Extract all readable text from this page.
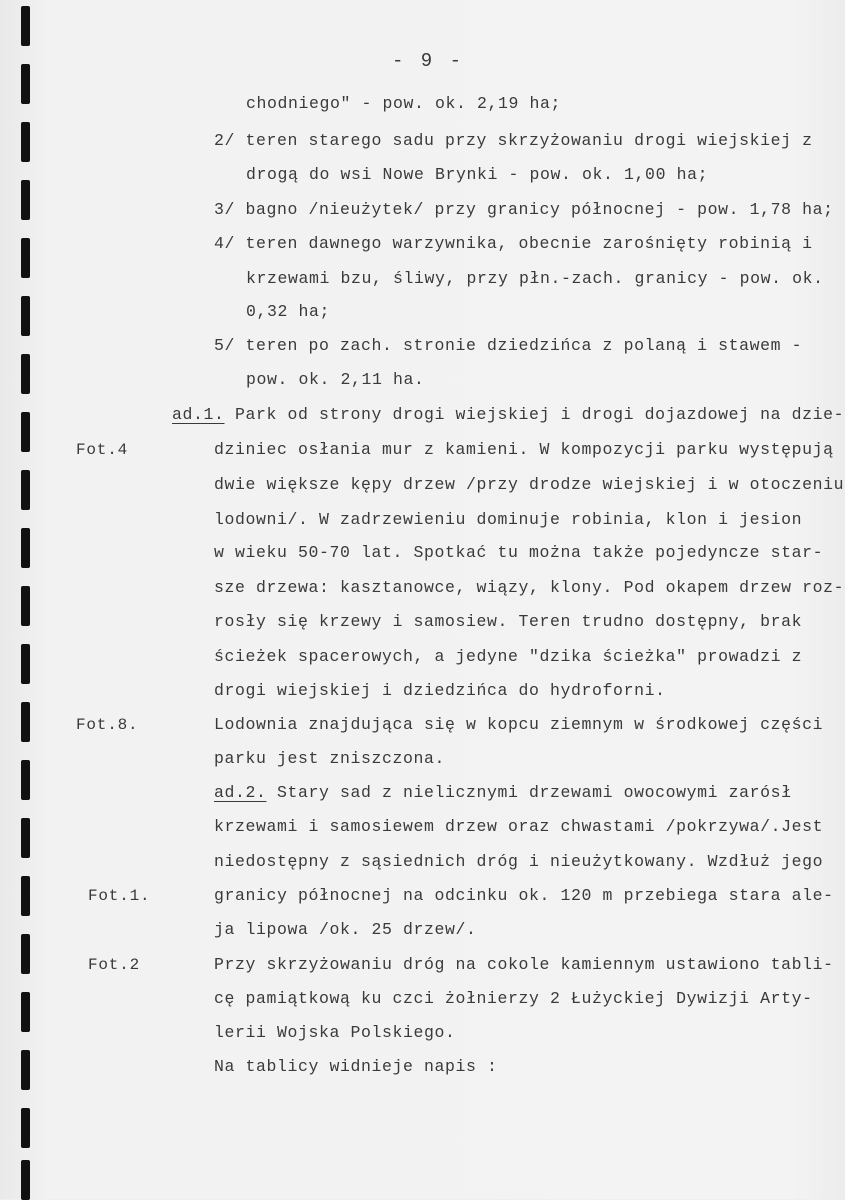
- 9 -
chodniego" - pow. ok. 2,19 ha;
2/ teren starego sadu przy skrzyżowaniu drogi wiejskiej z
drogą do wsi Nowe Brynki - pow. ok. 1,00 ha;
3/ bagno /nieużytek/ przy granicy północnej - pow. 1,78 ha;
4/ teren dawnego warzywnika, obecnie zarośnięty robinią i
krzewami bzu, śliwy, przy płn.-zach. granicy - pow. ok.
0,32 ha;
5/ teren po zach. stronie dziedzińca z polaną i stawem -
pow. ok. 2,11 ha.
ad.1. Park od strony drogi wiejskiej i drogi dojazdowej na dzie-
dziniec osłania mur z kamieni. W kompozycji parku występują
dwie większe kępy drzew /przy drodze wiejskiej i w otoczeniu
lodowni/. W zadrzewieniu dominuje robinia, klon i jesion
w wieku 50-70 lat. Spotkać tu można także pojedyncze star-
sze drzewa: kasztanowce, wiązy, klony. Pod okapem drzew roz-
rosły się krzewy i samosiew. Teren trudno dostępny, brak
ścieżek spacerowych, a jedyne "dzika ścieżka" prowadzi z
drogi wiejskiej i dziedzińca do hydroforni.
Lodownia znajdująca się w kopcu ziemnym w środkowej części
parku jest zniszczona.
ad.2. Stary sad z nielicznymi drzewami owocowymi zarósł
krzewami i samosiewem drzew oraz chwastami /pokrzywa/.Jest
niedostępny z sąsiednich dróg i nieużytkowany. Wzdłuż jego
granicy północnej na odcinku ok. 120 m przebiega stara ale-
ja lipowa /ok. 25 drzew/.
Przy skrzyżowaniu dróg na cokole kamiennym ustawiono tabli-
cę pamiątkową ku czci żołnierzy 2 Łużyckiej Dywizji Arty-
lerii Wojska Polskiego.
Na tablicy widnieje napis :
Fot.4
Fot.8.
Fot.1.
Fot.2
